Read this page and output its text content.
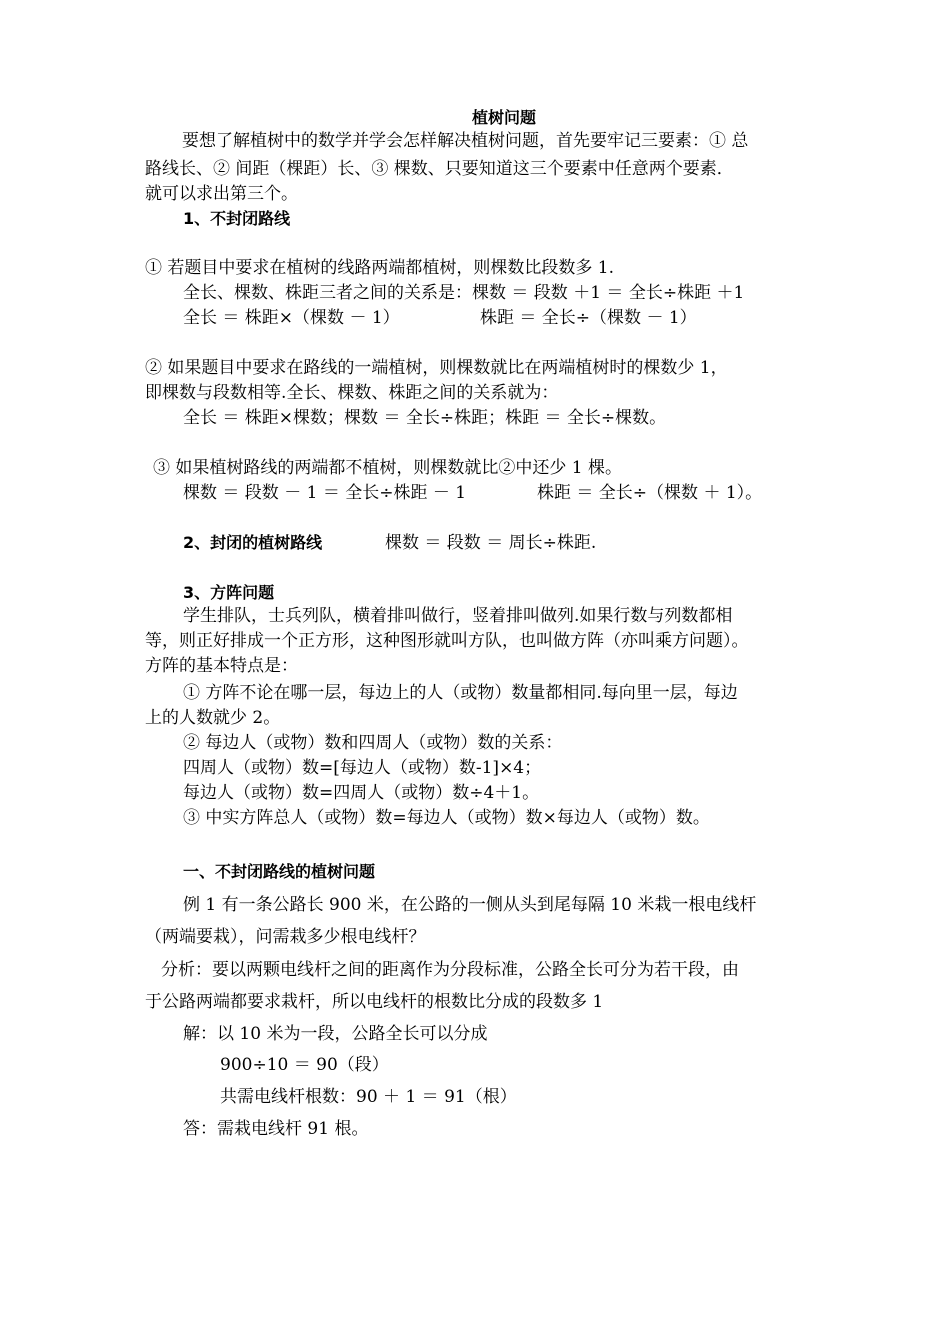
植树问题
要想了解植树中的数学并学会怎样解决植树问题，首先要牢记三要素：① 总
路线长、② 间距（棵距）长、③ 棵数、只要知道这三个要素中任意两个要素．
就可以求出第三个。
1、不封闭路线
① 若题目中要求在植树的线路两端都植树，则棵数比段数多 1.
全长、棵数、株距三者之间的关系是：棵数 ＝ 段数 ＋1 ＝ 全长÷株距 ＋1
全长 ＝ 株距×（棵数 － 1）	株距 ＝ 全长÷（棵数 － 1）
② 如果题目中要求在路线的一端植树，则棵数就比在两端植树时的棵数少 1，
即棵数与段数相等.全长、棵数、株距之间的关系就为：
全长 ＝ 株距×棵数；棵数 ＝ 全长÷株距；株距 ＝ 全长÷棵数。
③ 如果植树路线的两端都不植树，则棵数就比②中还少 1 棵。
棵数 ＝ 段数 － 1 ＝ 全长÷株距 － 1	株距 ＝ 全长÷（棵数 ＋ 1）。
2、封闭的植树路线	棵数 ＝ 段数 ＝ 周长÷株距.
3、方阵问题
学生排队，士兵列队，横着排叫做行，竖着排叫做列.如果行数与列数都相
等，则正好排成一个正方形，这种图形就叫方队，也叫做方阵（亦叫乘方问题）。
方阵的基本特点是：
① 方阵不论在哪一层，每边上的人（或物）数量都相同.每向里一层，每边
上的人数就少 2。
② 每边人（或物）数和四周人（或物）数的关系：
四周人（或物）数=[每边人（或物）数-1]×4；
每边人（或物）数=四周人（或物）数÷4＋1。
③ 中实方阵总人（或物）数=每边人（或物）数×每边人（或物）数。
一、不封闭路线的植树问题
例 1 有一条公路长 900 米，在公路的一侧从头到尾每隔 10 米栽一根电线杆
（两端要栽），问需栽多少根电线杆？
分析：要以两颗电线杆之间的距离作为分段标准，公路全长可分为若干段，由
于公路两端都要求栽杆，所以电线杆的根数比分成的段数多 1
解：以 10 米为一段，公路全长可以分成
900÷10 ＝ 90（段）
共需电线杆根数：90 ＋ 1 ＝ 91（根）
答：需栽电线杆 91 根。
